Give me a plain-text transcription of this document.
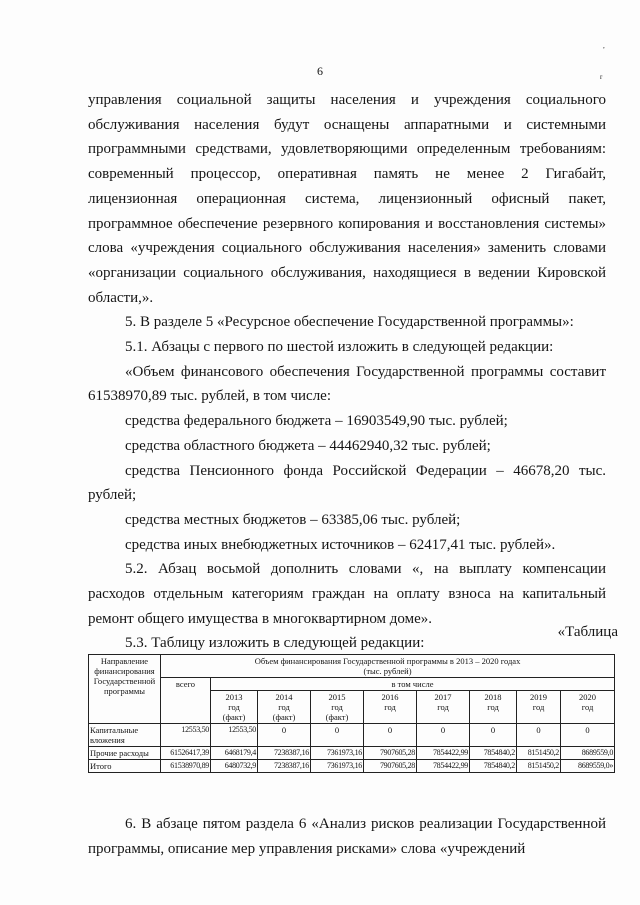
,
r
6

управления социальной защиты населения и учреждения социального обслуживания населения будут оснащены аппаратными и системными программными средствами, удовлетворяющими определенным требованиям: современный процессор, оперативная память не менее 2 Гигабайт, лицензионная операционная система, лицензионный офисный пакет, программное обеспечение резервного копирования и восстановления системы» слова «учреждения социального обслуживания населения» заменить словами «организации социального обслуживания, находящиеся в ведении Кировской области,».

5. В разделе 5 «Ресурсное обеспечение Государственной программы»:

5.1. Абзацы с первого по шестой изложить в следующей редакции:

«Объем финансового обеспечения Государственной программы составит 61538970,89 тыс. рублей, в том числе:

средства федерального бюджета – 16903549,90 тыс. рублей;

средства областного бюджета – 44462940,32 тыс. рублей;

средства Пенсионного фонда Российской Федерации – 46678,20 тыс. рублей;

средства местных бюджетов – 63385,06 тыс. рублей;

средства иных внебюджетных источников – 62417,41 тыс. рублей».

5.2. Абзац восьмой дополнить словами «, на выплату компенсации расходов отдельным категориям граждан на оплату взноса на капитальный ремонт общего имущества в многоквартирном доме».

5.3. Таблицу изложить в следующей редакции:

«Таблица
Направление финансирования Государственной программы	Объем финансирования Государственной программы в 2013 – 2020 годах
(тыс. рублей)								
	всего	в том числе							
		2013
год
(факт)	2014
год
(факт)	2015
год
(факт)	2016
год	2017
год	2018
год	2019
год	2020
год
Капитальные вложения	12553,50	12553,50	0	0	0	0	0	0	0
Прочие расходы	61526417,39	6468179,4	7238387,16	7361973,16	7907605,28	7854422,99	7854840,2	8151450,2	8689559,0
Итого	61538970,89	6480732,9	7238387,16	7361973,16	7907605,28	7854422,99	7854840,2	8151450,2	8689559,0»

6. В абзаце пятом раздела 6 «Анализ рисков реализации Государственной программы, описание мер управления рисками» слова «учреждений
